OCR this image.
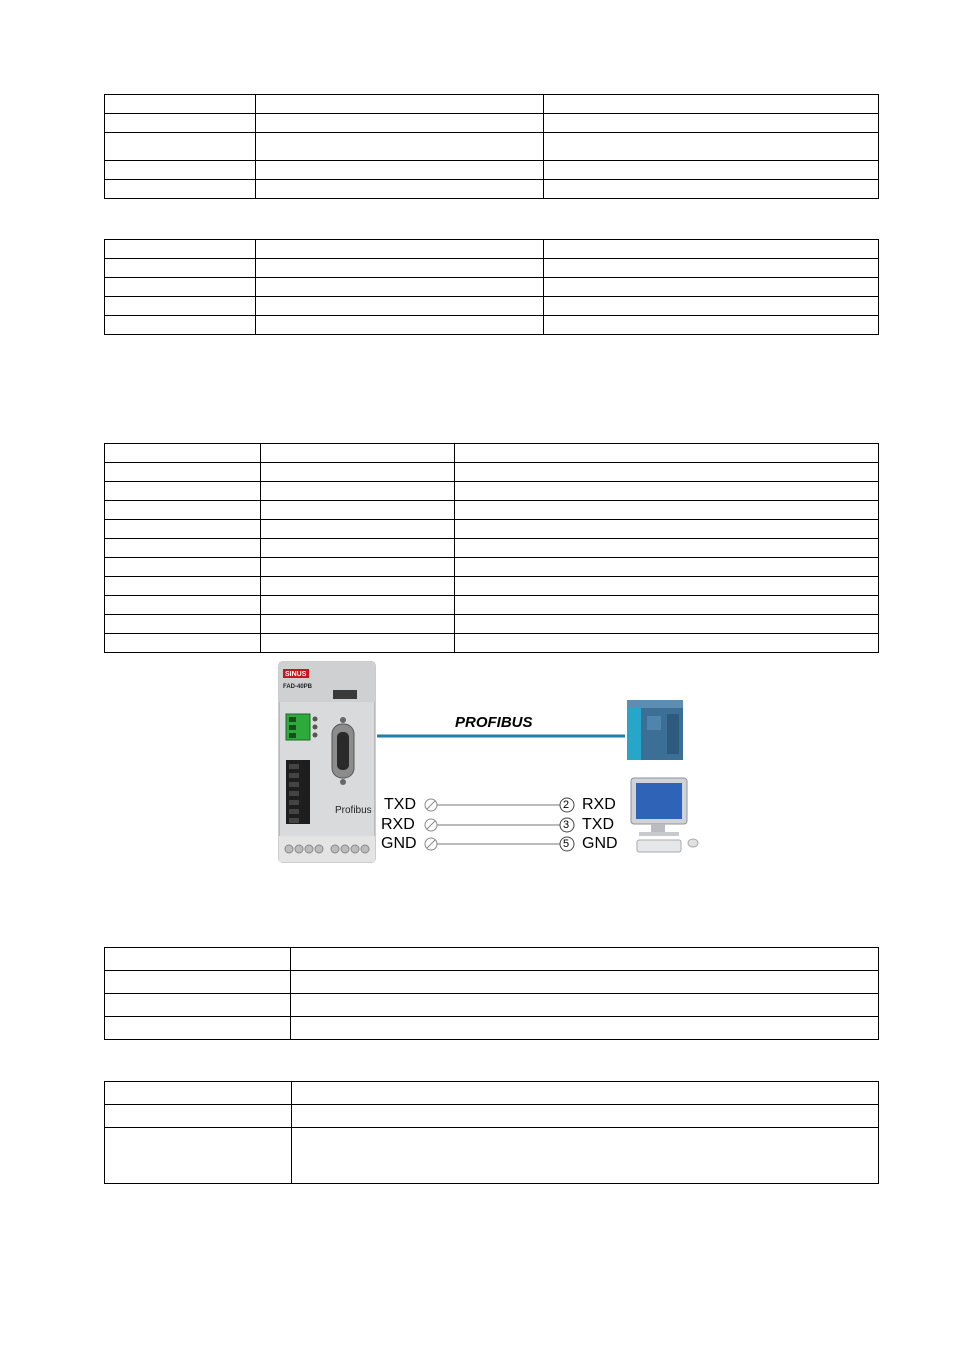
SINUS
FAD-40PB
Profibus
PROFIBUS
TXD
RXD
GND
2
3
5
RXD
TXD
GND
